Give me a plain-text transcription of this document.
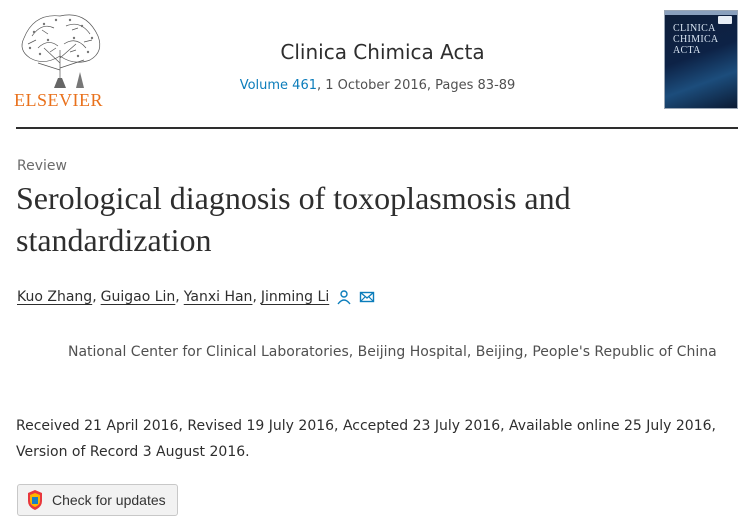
ELSEVIER
Clinica Chimica Acta
Volume 461, 1 October 2016, Pages 83-89
CLINICA
CHIMICA
ACTA
Review
Serological diagnosis of toxoplasmosis and standardization
Kuo Zhang , Guigao Lin , Yanxi Han , Jinming Li
National Center for Clinical Laboratories, Beijing Hospital, Beijing, People's Republic of China
Received 21 April 2016, Revised 19 July 2016, Accepted 23 July 2016, Available online 25 July 2016, Version of Record 3 August 2016.
Check for updates
